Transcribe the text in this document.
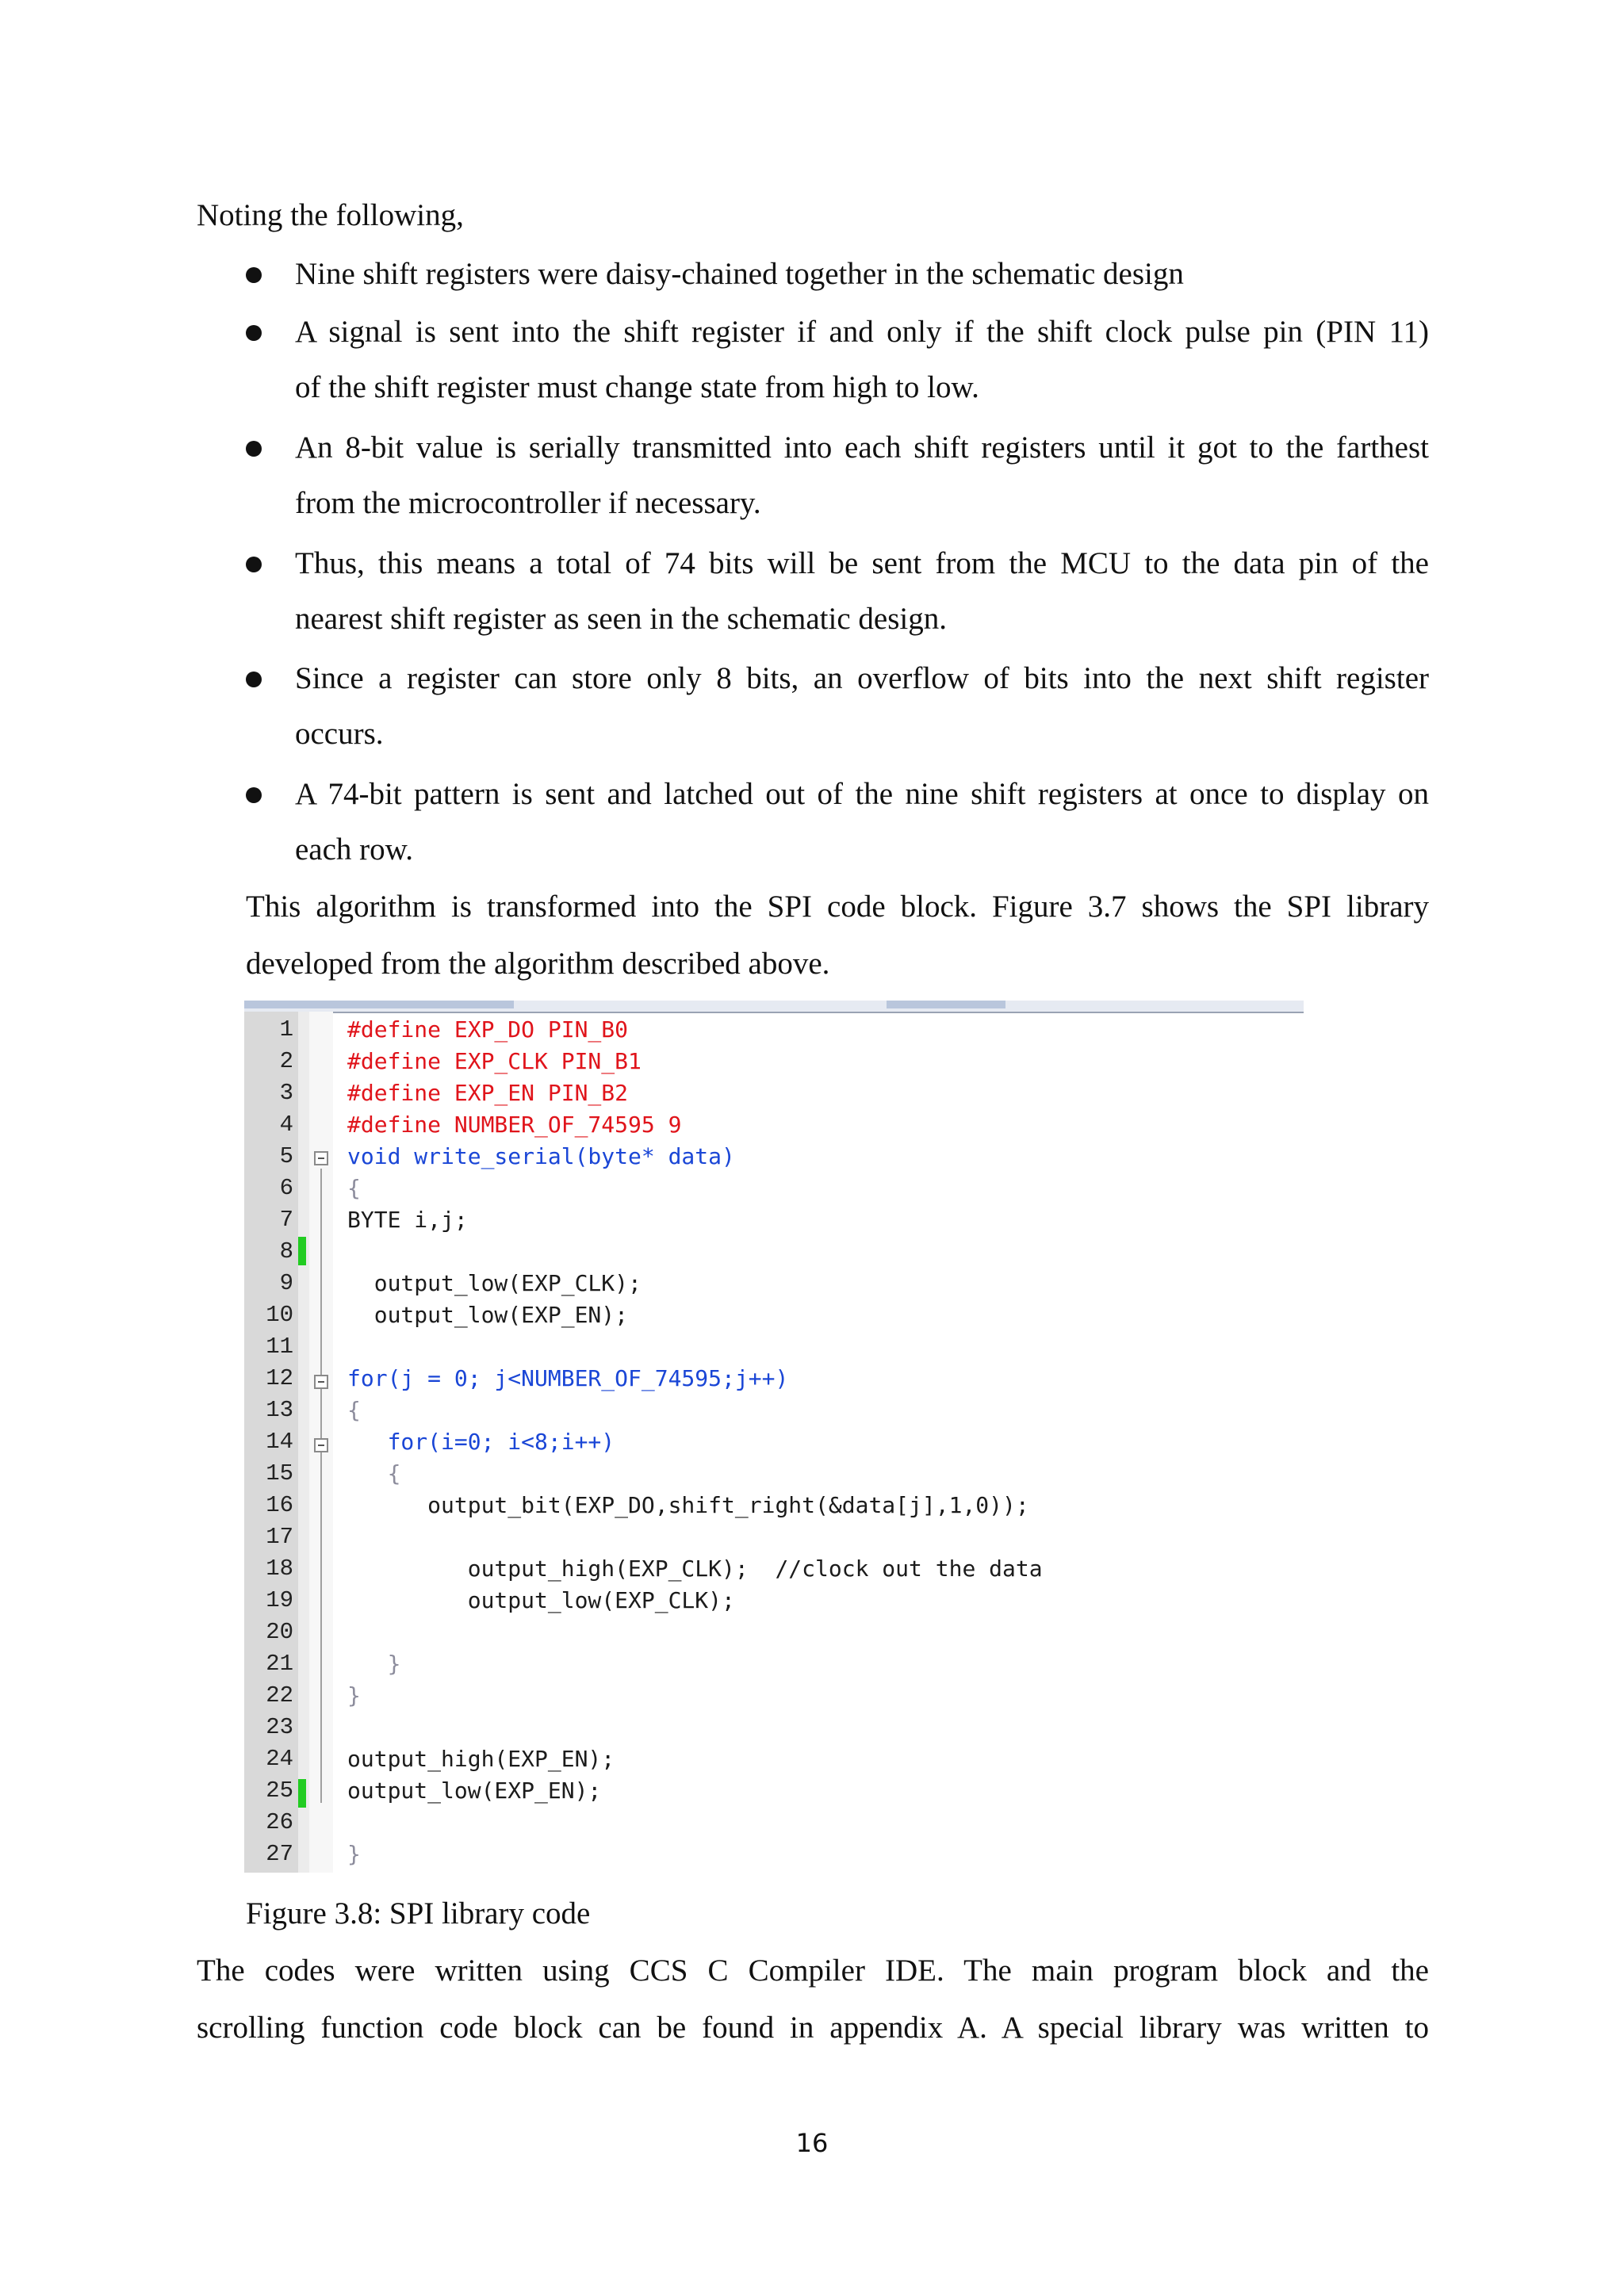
Noting the following,
Nine shift registers were daisy-chained together in the schematic design
A signal is sent into the shift register if and only if the shift clock pulse pin (PIN 11)
of the shift register must change state from high to low.
An 8-bit value is serially transmitted into each shift registers until it got to the farthest
from the microcontroller if necessary.
Thus, this means a total of 74 bits will be sent from the MCU to the data pin of the
nearest shift register as seen in the schematic design.
Since a register can store only 8 bits, an overflow of bits into the next shift register
occurs.
A 74-bit pattern is sent and latched out of the nine shift registers at once to display on
each row.
This algorithm is transformed into the SPI code block. Figure 3.7 shows the SPI library
developed from the algorithm described above.
1
2
3
4
5
6
7
8
9
10
11
12
13
14
15
16
17
18
19
20
21
22
23
24
25
26
27
#define EXP_DO PIN_B0
#define EXP_CLK PIN_B1
#define EXP_EN PIN_B2
#define NUMBER_OF_74595 9
void write_serial(byte* data)
{
BYTE i,j;
output_low(EXP_CLK);
output_low(EXP_EN);
for(j = 0; j<NUMBER_OF_74595;j++)
{
for(i=0; i<8;i++)
{
output_bit(EXP_DO,shift_right(&data[j],1,0));
output_high(EXP_CLK);  //clock out the data
output_low(EXP_CLK);
}
}
output_high(EXP_EN);
output_low(EXP_EN);
}
Figure 3.8: SPI library code
The codes were written using CCS C Compiler IDE. The main program block and the
scrolling function code block can be found in appendix A. A special library was written to
16
